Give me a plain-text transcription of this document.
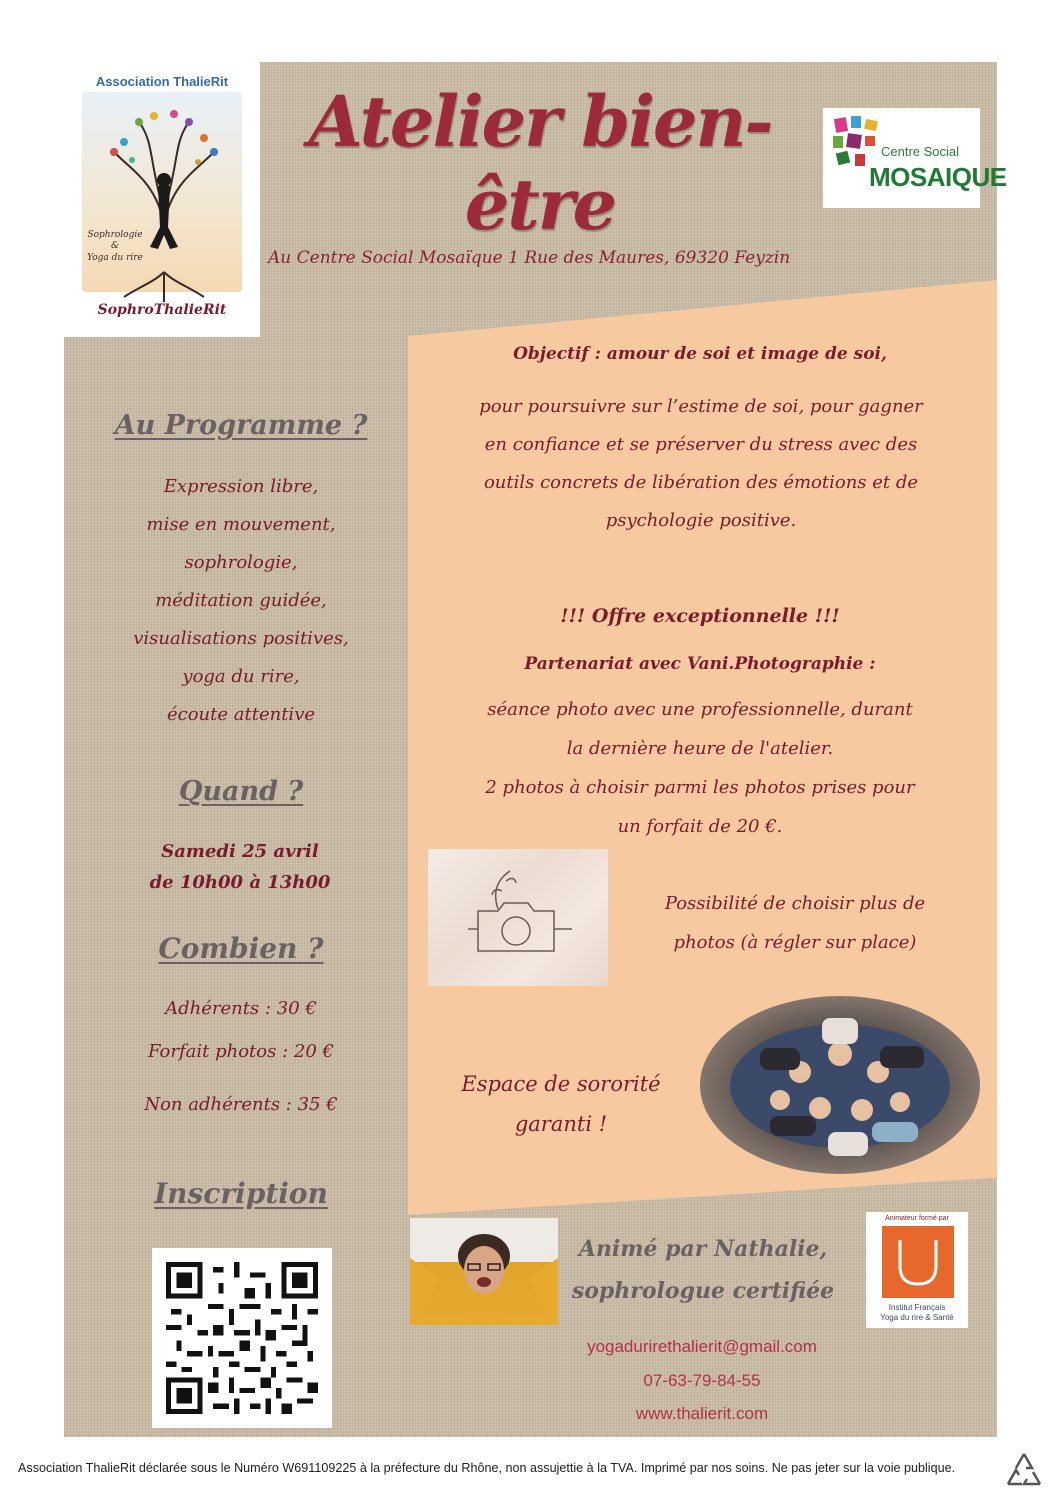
Association ThalieRit
Sophrologie
&
Yoga du rire
SophroThalieRit
Atelier bien-être
Au Centre Social Mosaïque 1 Rue des Maures, 69320 Feyzin
Centre Social
MOSAIQUE
Au Programme ?
Expression libre,
mise en mouvement,
sophrologie,
méditation guidée,
visualisations positives,
yoga du rire,
écoute attentive
Quand ?
Samedi 25 avril
de 10h00 à 13h00
Combien ?
Adhérents : 30 €
Forfait photos : 20 €
Non adhérents : 35 €
Inscription
Objectif : amour de soi et image de soi,
pour poursuivre sur l’estime de soi, pour gagner
en confiance et se préserver du stress avec des
outils concrets de libération des émotions et de
psychologie positive.
!!! Offre exceptionnelle !!!
Partenariat avec Vani.Photographie :
séance photo avec une professionnelle, durant
la dernière heure de l'atelier.
2 photos à choisir parmi les photos prises pour
un forfait de 20 €.
Possibilité de choisir plus de
photos (à régler sur place)
Espace de sororité
garanti !
Animé par Nathalie,
sophrologue certifiée
Animateur formé par
Institut Français
Yoga du rire & Santé
yogadurirethalierit@gmail.com
07-63-79-84-55
www.thalierit.com
Association ThalieRit déclarée sous le Numéro W691109225 à la préfecture du Rhône, non assujettie à la TVA. Imprimé par nos soins. Ne pas jeter sur la voie publique.
